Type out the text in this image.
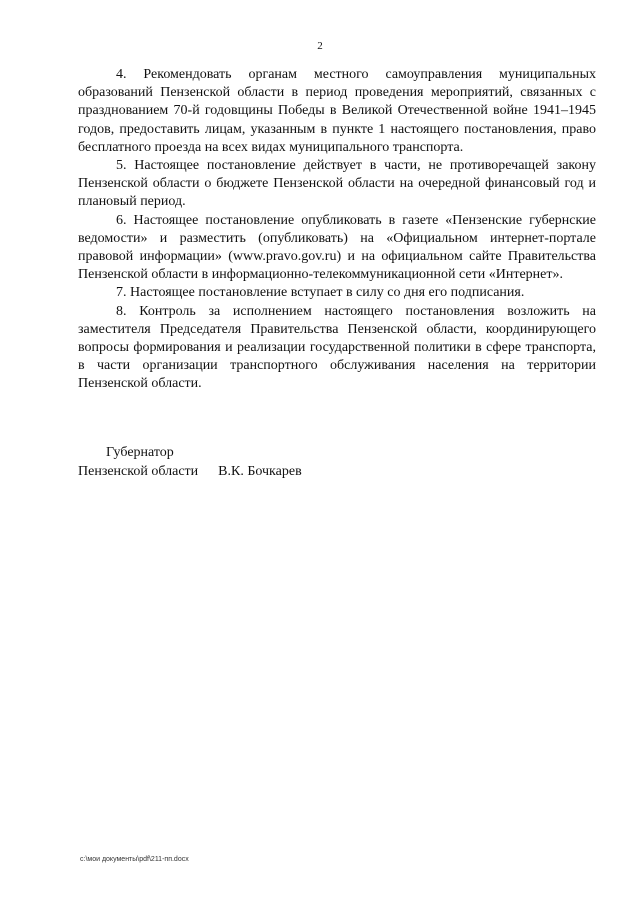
2

4. Рекомендовать органам местного самоуправления муниципальных образований Пензенской области в период проведения мероприятий, связанных с празднованием 70-й годовщины Победы в Великой Отечественной войне 1941–1945 годов, предоставить лицам, указанным в пункте 1 настоящего постановления, право бесплатного проезда на всех видах муниципального транспорта.

5. Настоящее постановление действует в части, не противоречащей закону Пензенской области о бюджете Пензенской области на очередной финансовый год и плановый период.

6. Настоящее постановление опубликовать в газете «Пензенские губернские ведомости» и разместить (опубликовать) на «Официальном интернет-портале правовой информации» (www.pravo.gov.ru) и на официальном сайте Правительства Пензенской области в информационно-телекоммуникационной сети «Интернет».

7. Настоящее постановление вступает в силу со дня его подписания.

8. Контроль за исполнением настоящего постановления возложить на заместителя Председателя Правительства Пензенской области, координирующего вопросы формирования и реализации государственной политики в сфере транспорта, в части организации транспортного обслуживания населения на территории Пензенской области.

Губернатор
Пензенской области В.К. Бочкарев
c:\мои документы\pdf\211-пп.docx
